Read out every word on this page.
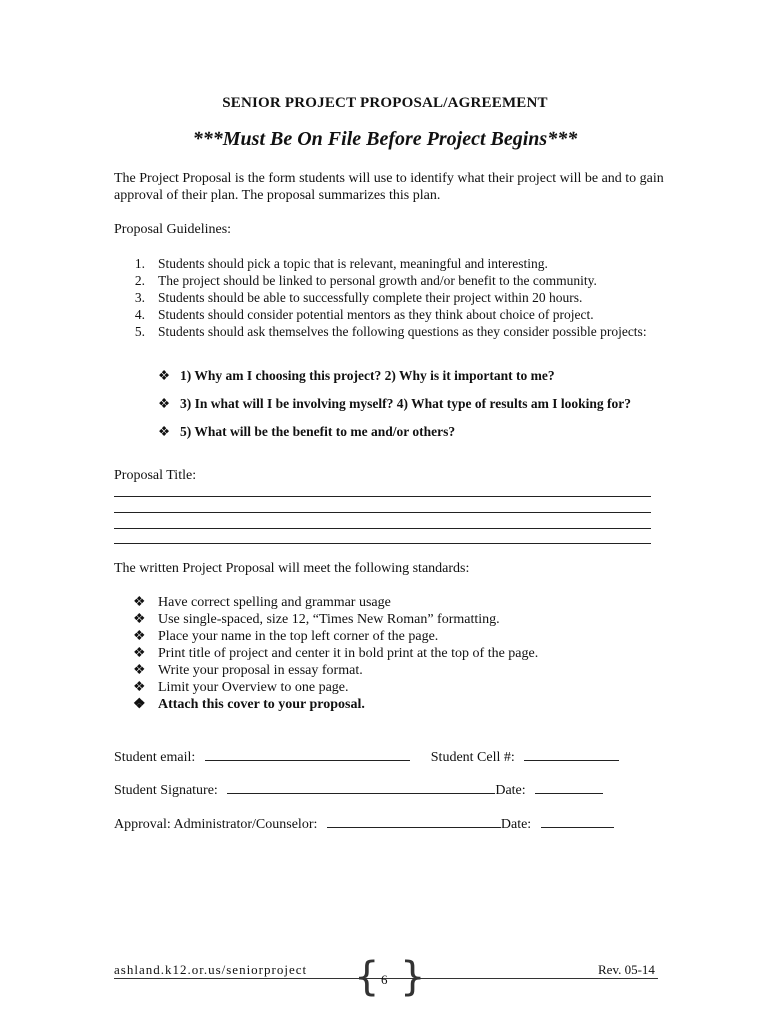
SENIOR PROJECT PROPOSAL/AGREEMENT
***Must Be On File Before Project Begins***
The Project Proposal is the form students will use to identify what their project will be and to gain approval of their plan. The proposal summarizes this plan.
Proposal Guidelines:
1. Students should pick a topic that is relevant, meaningful and interesting.
2. The project should be linked to personal growth and/or benefit to the community.
3. Students should be able to successfully complete their project within 20 hours.
4. Students should consider potential mentors as they think about choice of project.
5. Students should ask themselves the following questions as they consider possible projects:
❖ 1) Why am I choosing this project? 2) Why is it important to me?
❖ 3) In what will I be involving myself? 4) What type of results am I looking for?
❖ 5) What will be the benefit to me and/or others?
Proposal Title:
The written Project Proposal will meet the following standards:
❖ Have correct spelling and grammar usage
❖ Use single-spaced, size 12, “Times New Roman” formatting.
❖ Place your name in the top left corner of the page.
❖ Print title of project and center it in bold print at the top of the page.
❖ Write your proposal in essay format.
❖ Limit your Overview to one page.
❖ Attach this cover to your proposal.
Student email:	Student Cell #:
Student Signature:	Date:
Approval: Administrator/Counselor:	Date:
ashland.k12.or.us/seniorproject	Rev. 05-14
{ }
6
